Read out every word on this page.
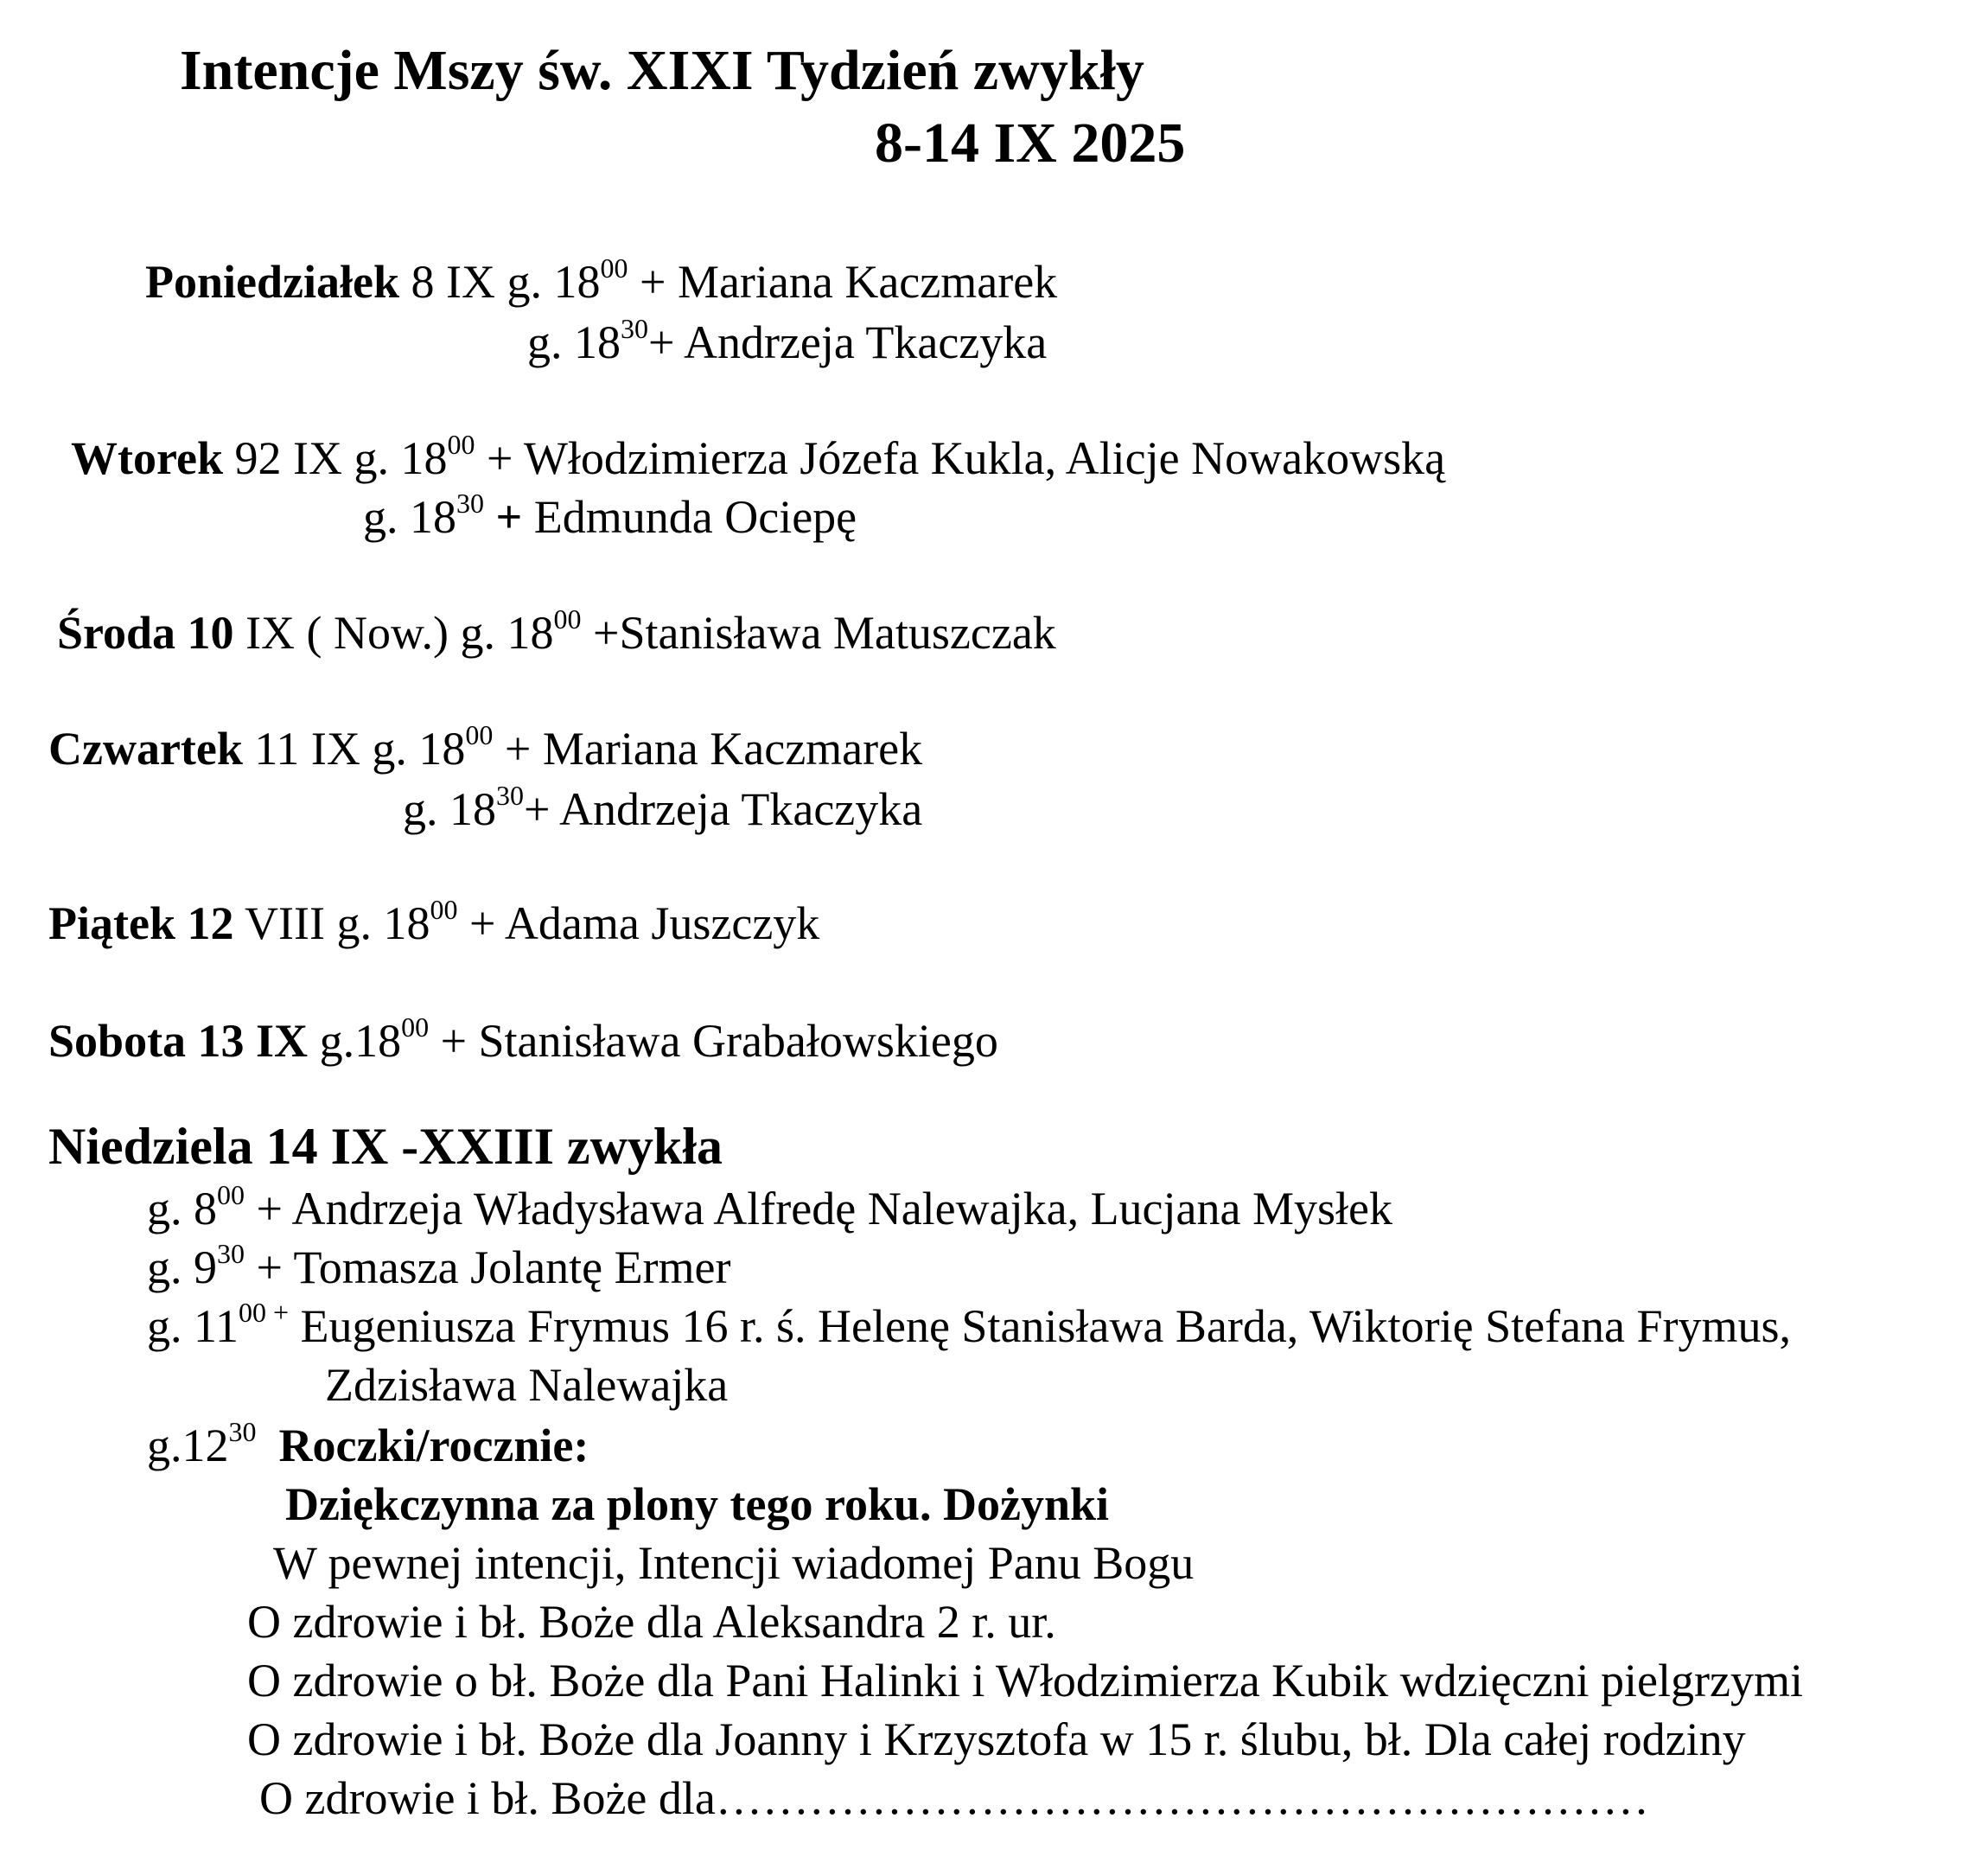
Intencje Mszy św. XIXI Tydzień zwykły
8-14 IX 2025
Poniedziałek 8 IX g. $18^{00}$ + Mariana Kaczmarek
g. $18^{30}+$ Andrzeja Tkaczyka
Wtorek 92 IX g. $18^{00}$ + Włodzimierza Józefa Kukla, Alicje Nowakowską
g. $18^{30}$ + Edmunda Ociepę
Środa 10 IX ( Now.) g. $18^{00}$ +Stanisława Matuszczak
Czwartek 11 IX g. $18^{00}$ + Mariana Kaczmarek
g. $18^{30}+$ Andrzeja Tkaczyka
Piątek 12 VIII g. $18^{00}$ + Adama Juszczyk
Sobota 13 IX $g.18^{00}$ + Stanisława Grabałowskiego
Niedziela 14 IX -XXIII zwykła
g. $8^{00}$ + Andrzeja Władysława Alfredę Nalewajka, Lucjana Mysłek
g. $9^{30}$ + Tomasza Jolantę Ermer
g. $11^{00 +}$ Eugeniusza Frymus 16 r. ś. Helenę Stanisława Barda, Wiktorię Stefana Frymus,
Zdzisława Nalewajka
$g.12^{30}$ Roczki/rocznie:
Dziękczynna za plony tego roku. Dożynki
W pewnej intencji, Intencji wiadomej Panu Bogu
O zdrowie i bł. Boże dla Aleksandra 2 r. ur.
O zdrowie o bł. Boże dla Pani Halinki i Włodzimierza Kubik wdzięczni pielgrzymi
O zdrowie i bł. Boże dla Joanny i Krzysztofa w 15 r. ślubu, bł. Dla całej rodziny
O zdrowie i bł. Boże dla……………………………………………………
